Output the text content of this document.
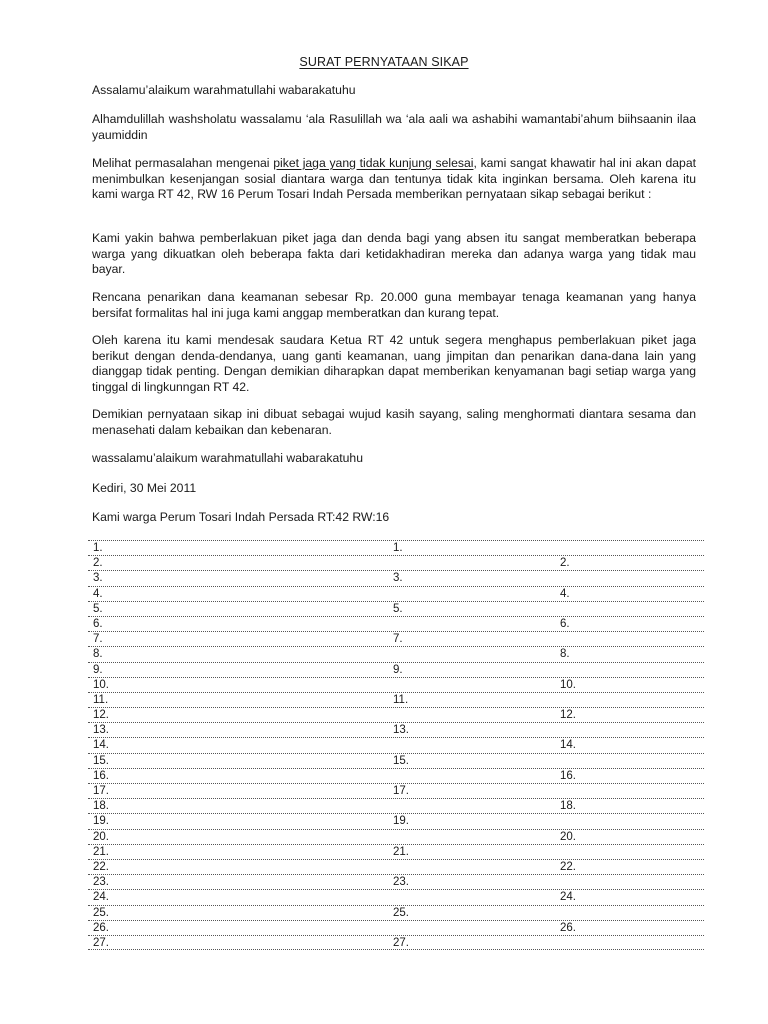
SURAT PERNYATAAN SIKAP
Assalamu’alaikum warahmatullahi wabarakatuhu

Alhamdulillah washsholatu wassalamu ‘ala Rasulillah wa ‘ala aali wa ashabihi wamantabi’ahum biihsaanin ilaa yaumiddin

Melihat permasalahan mengenai piket jaga yang tidak kunjung selesai, kami sangat khawatir hal ini akan dapat menimbulkan kesenjangan sosial diantara warga dan tentunya tidak kita inginkan bersama. Oleh karena itu kami warga RT 42, RW 16 Perum Tosari Indah Persada memberikan pernyataan sikap sebagai berikut :

Kami yakin bahwa pemberlakuan piket jaga dan denda bagi yang absen itu sangat memberatkan beberapa warga yang dikuatkan oleh beberapa fakta dari ketidakhadiran mereka dan adanya warga yang tidak mau bayar.

Rencana penarikan dana keamanan sebesar Rp. 20.000 guna membayar tenaga keamanan yang hanya bersifat formalitas hal ini juga kami anggap memberatkan dan kurang tepat.

Oleh karena itu kami mendesak saudara Ketua RT 42 untuk segera menghapus pemberlakuan piket jaga berikut dengan denda-dendanya, uang ganti keamanan, uang jimpitan dan penarikan dana-dana lain yang dianggap tidak penting. Dengan demikian diharapkan dapat memberikan kenyamanan bagi setiap warga yang tinggal di lingkunngan RT 42.

Demikian pernyataan sikap ini dibuat sebagai wujud kasih sayang, saling menghormati diantara sesama dan menasehati dalam kebaikan dan kebenaran.

wassalamu’alaikum warahmatullahi wabarakatuhu
Kediri, 30 Mei 2011
Kami warga Perum Tosari Indah Persada RT:42 RW:16
1.	1.
2.	2.
3.	3.
4.	4.
5.	5.
6.	6.
7.	7.
8.	8.
9.	9.
10.	10.
11.	11.
12.	12.
13.	13.
14.	14.
15.	15.
16.	16.
17.	17.
18.	18.
19.	19.
20.	20.
21.	21.
22.	22.
23.	23.
24.	24.
25.	25.
26.	26.
27.	27.
